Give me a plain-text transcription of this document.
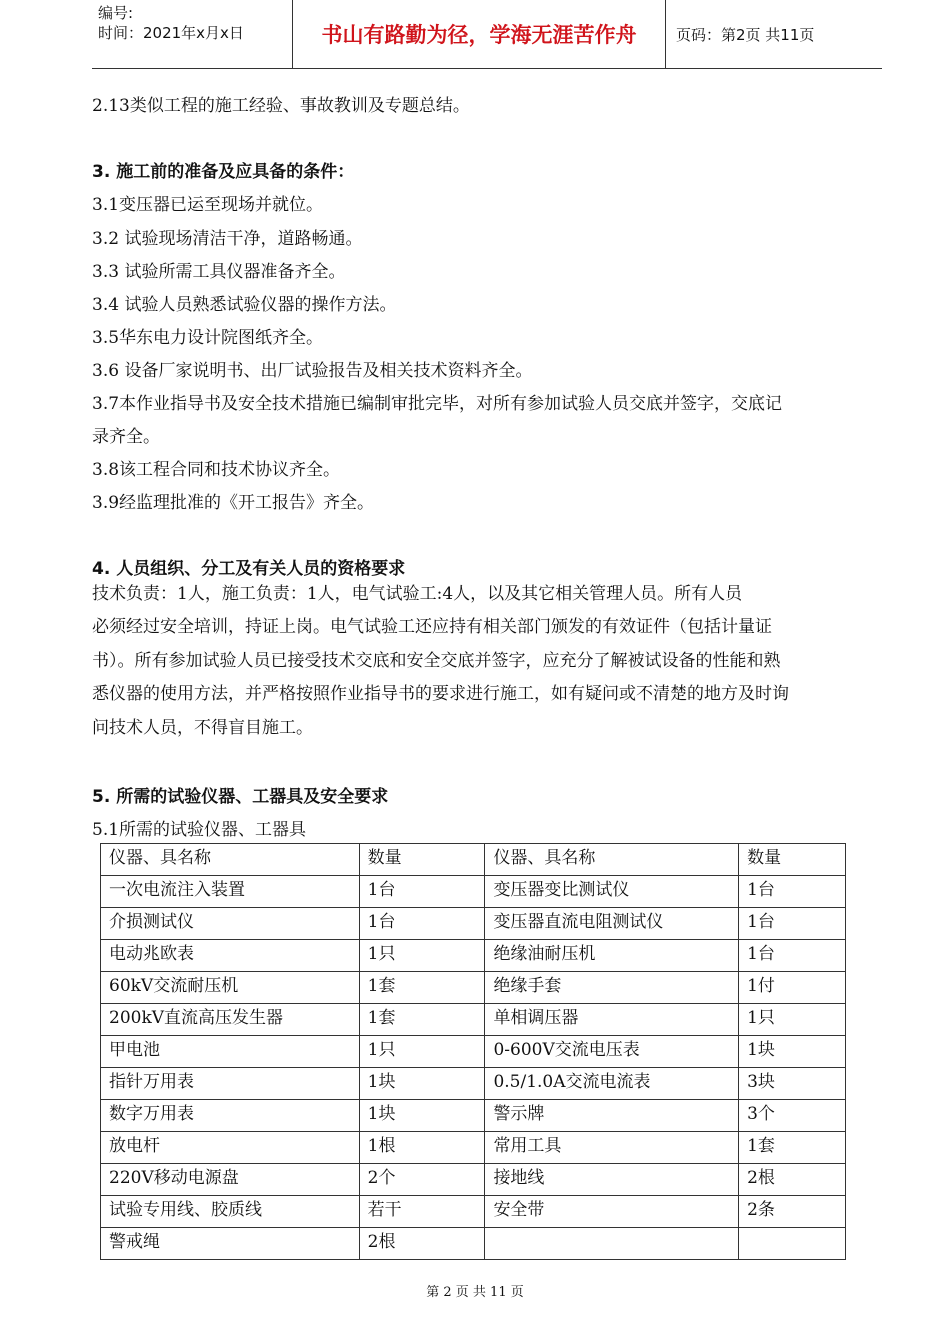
编号:
时间：2021年x月x日	书山有路勤为径，学海无涯苦作舟	页码：第2页 共11页
2.13类似工程的施工经验、事故教训及专题总结。
3. 施工前的准备及应具备的条件：
3.1变压器已运至现场并就位。
3.2 试验现场清洁干净，道路畅通。
3.3 试验所需工具仪器准备齐全。
3.4 试验人员熟悉试验仪器的操作方法。
3.5华东电力设计院图纸齐全。
3.6 设备厂家说明书、出厂试验报告及相关技术资料齐全。
3.7本作业指导书及安全技术措施已编制审批完毕，对所有参加试验人员交底并签字，交底记
录齐全。
3.8该工程合同和技术协议齐全。
3.9经监理批准的《开工报告》齐全。
4. 人员组织、分工及有关人员的资格要求
技术负责：1人，施工负责：1人，电气试验工:4人，以及其它相关管理人员。所有人员
必须经过安全培训，持证上岗。电气试验工还应持有相关部门颁发的有效证件（包括计量证
书）。所有参加试验人员已接受技术交底和安全交底并签字，应充分了解被试设备的性能和熟
悉仪器的使用方法，并严格按照作业指导书的要求进行施工，如有疑问或不清楚的地方及时询
问技术人员，不得盲目施工。
5. 所需的试验仪器、工器具及安全要求
5.1所需的试验仪器、工器具
仪器、具名称	数量	仪器、具名称	数量
一次电流注入装置	1台	变压器变比测试仪	1台
介损测试仪	1台	变压器直流电阻测试仪	1台
电动兆欧表	1只	绝缘油耐压机	1台
60kV交流耐压机	1套	绝缘手套	1付
200kV直流高压发生器	1套	单相调压器	1只
甲电池	1只	0-600V交流电压表	1块
指针万用表	1块	0.5/1.0A交流电流表	3块
数字万用表	1块	警示牌	3个
放电杆	1根	常用工具	1套
220V移动电源盘	2个	接地线	2根
试验专用线、胶质线	若干	安全带	2条
警戒绳	2根		
第 2 页 共 11 页
